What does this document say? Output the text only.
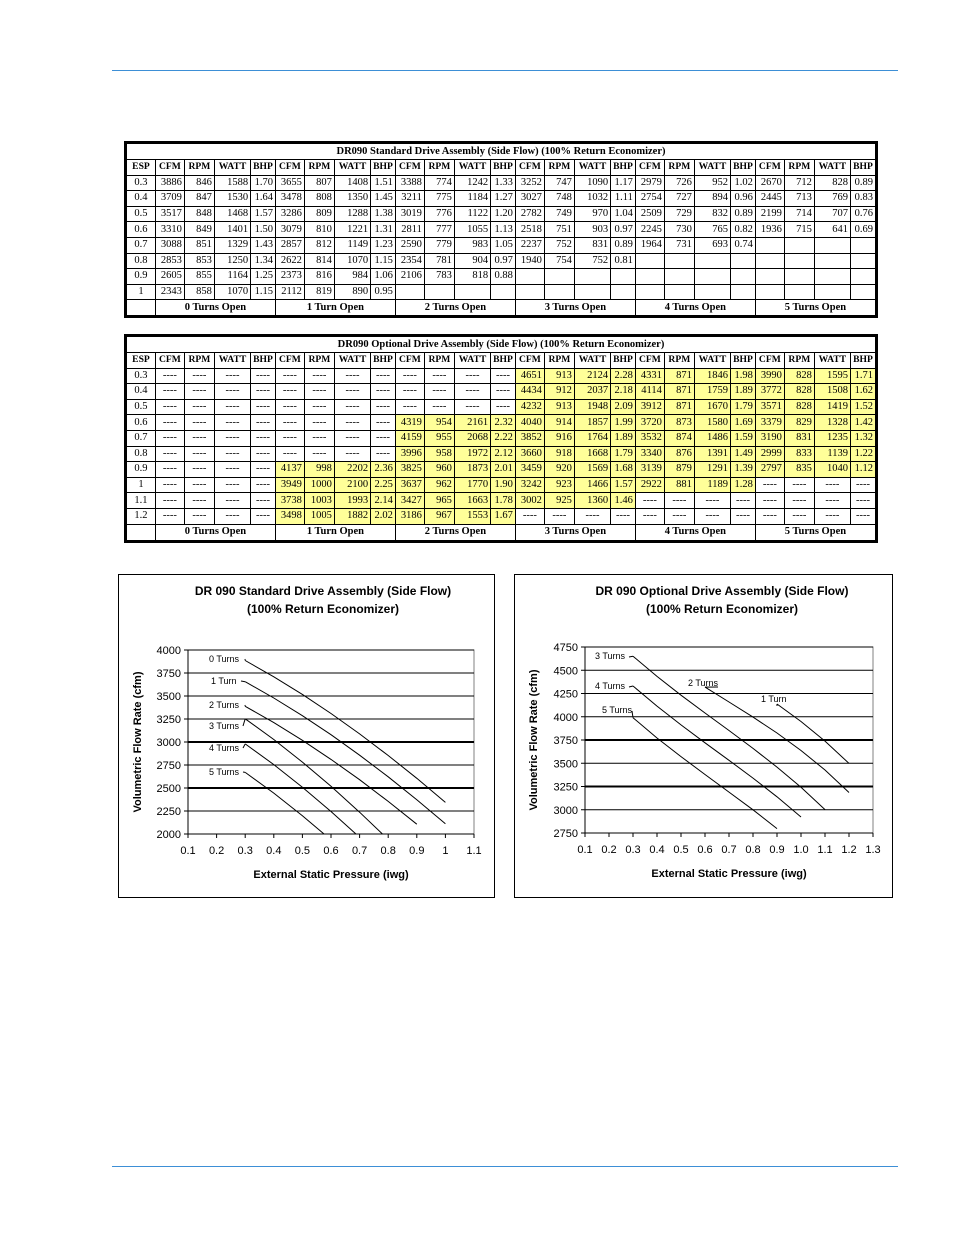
DR090 Standard Drive Assembly (Side Flow) (100% Return Economizer)																								
ESP	CFM	RPM	WATT	BHP	CFM	RPM	WATT	BHP	CFM	RPM	WATT	BHP	CFM	RPM	WATT	BHP	CFM	RPM	WATT	BHP	CFM	RPM	WATT	BHP
0.3	3886	846	1588	1.70	3655	807	1408	1.51	3388	774	1242	1.33	3252	747	1090	1.17	2979	726	952	1.02	2670	712	828	0.89
0.4	3709	847	1530	1.64	3478	808	1350	1.45	3211	775	1184	1.27	3027	748	1032	1.11	2754	727	894	0.96	2445	713	769	0.83
0.5	3517	848	1468	1.57	3286	809	1288	1.38	3019	776	1122	1.20	2782	749	970	1.04	2509	729	832	0.89	2199	714	707	0.76
0.6	3310	849	1401	1.50	3079	810	1221	1.31	2811	777	1055	1.13	2518	751	903	0.97	2245	730	765	0.82	1936	715	641	0.69
0.7	3088	851	1329	1.43	2857	812	1149	1.23	2590	779	983	1.05	2237	752	831	0.89	1964	731	693	0.74				
0.8	2853	853	1250	1.34	2622	814	1070	1.15	2354	781	904	0.97	1940	754	752	0.81								
0.9	2605	855	1164	1.25	2373	816	984	1.06	2106	783	818	0.88												
1	2343	858	1070	1.15	2112	819	890	0.95																
	0 Turns Open				1 Turn Open				2 Turns Open				3 Turns Open				4 Turns Open				5 Turns Open			
DR090 Optional Drive Assembly (Side Flow) (100% Return Economizer)																								
ESP	CFM	RPM	WATT	BHP	CFM	RPM	WATT	BHP	CFM	RPM	WATT	BHP	CFM	RPM	WATT	BHP	CFM	RPM	WATT	BHP	CFM	RPM	WATT	BHP
0.3	----	----	----	----	----	----	----	----	----	----	----	----	4651	913	2124	2.28	4331	871	1846	1.98	3990	828	1595	1.71
0.4	----	----	----	----	----	----	----	----	----	----	----	----	4434	912	2037	2.18	4114	871	1759	1.89	3772	828	1508	1.62
0.5	----	----	----	----	----	----	----	----	----	----	----	----	4232	913	1948	2.09	3912	871	1670	1.79	3571	828	1419	1.52
0.6	----	----	----	----	----	----	----	----	4319	954	2161	2.32	4040	914	1857	1.99	3720	873	1580	1.69	3379	829	1328	1.42
0.7	----	----	----	----	----	----	----	----	4159	955	2068	2.22	3852	916	1764	1.89	3532	874	1486	1.59	3190	831	1235	1.32
0.8	----	----	----	----	----	----	----	----	3996	958	1972	2.12	3660	918	1668	1.79	3340	876	1391	1.49	2999	833	1139	1.22
0.9	----	----	----	----	4137	998	2202	2.36	3825	960	1873	2.01	3459	920	1569	1.68	3139	879	1291	1.39	2797	835	1040	1.12
1	----	----	----	----	3949	1000	2100	2.25	3637	962	1770	1.90	3242	923	1466	1.57	2922	881	1189	1.28	----	----	----	----
1.1	----	----	----	----	3738	1003	1993	2.14	3427	965	1663	1.78	3002	925	1360	1.46	----	----	----	----	----	----	----	----
1.2	----	----	----	----	3498	1005	1882	2.02	3186	967	1553	1.67	----	----	----	----	----	----	----	----	----	----	----	----
	0 Turns Open				1 Turn Open				2 Turns Open				3 Turns Open				4 Turns Open				5 Turns Open			
DR 090 Standard Drive Assembly (Side Flow)
(100% Return Economizer)
2000
2250
2500
2750
3000
3250
3500
3750
4000
0.1 0.2 0.3 0.4 0.5 0.6 0.7 0.8 0.9 1 1.1
External Static Pressure (iwg)
Volumetric Flow Rate (cfm)
0 Turns
1 Turn
2 Turns
3 Turns
4 Turns
5 Turns
DR 090 Optional Drive Assembly (Side Flow)
(100% Return Economizer)
2750
3000
3250
3500
3750
4000
4250
4500
4750
0.1 0.2 0.3 0.4 0.5 0.6 0.7 0.8 0.9 1.0 1.1 1.2 1.3
External Static Pressure (iwg)
Volumetric Flow Rate (cfm)	1 Turn
2 Turns
3 Turns
4 Turns
5 Turns
